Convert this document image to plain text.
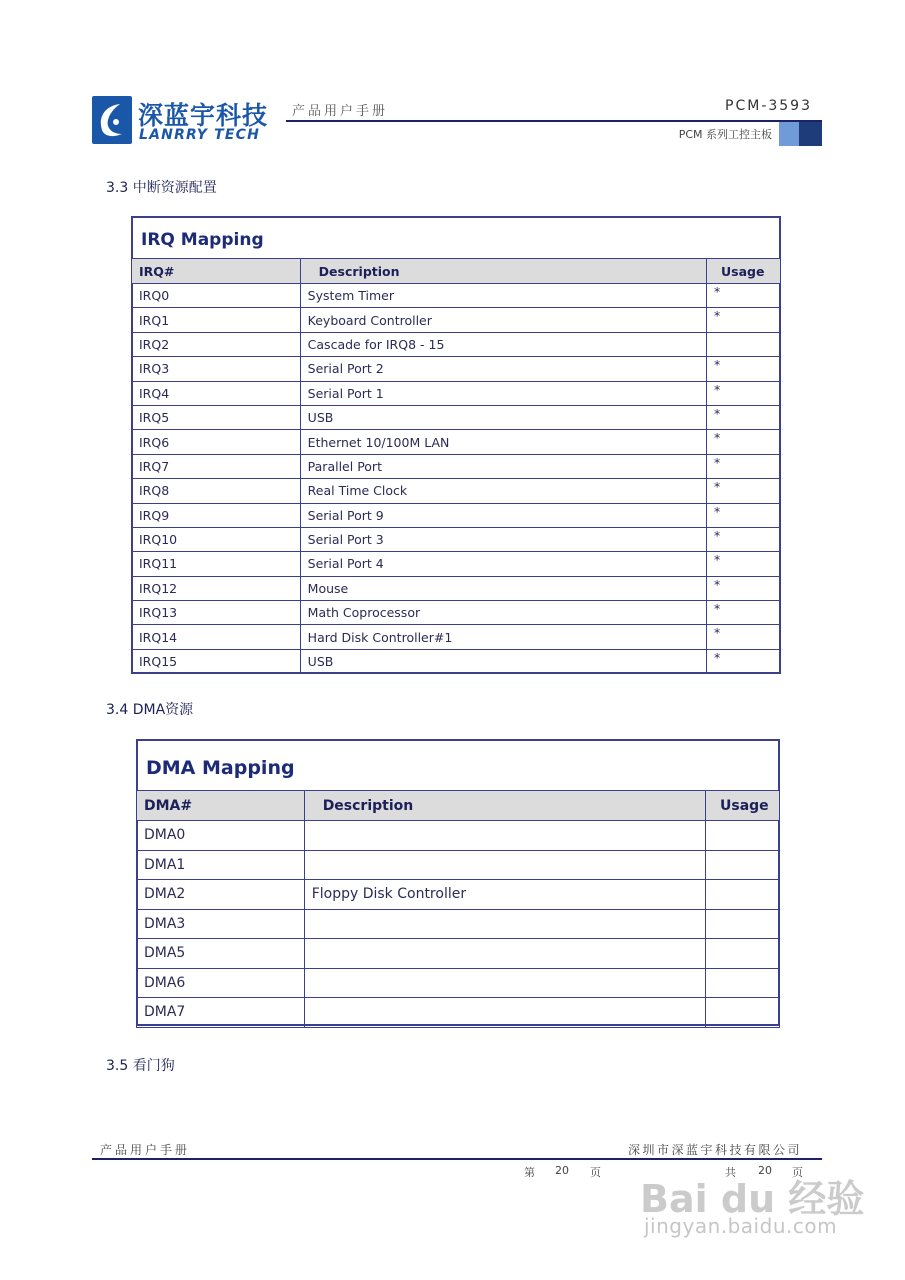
深蓝宇科技
LANRRY TECH
产品用户手册	PCM-3593
PCM 系列工控主板
3.3 中断资源配置
IRQ Mapping
IRQ#	Description	Usage
IRQ0	System Timer	*
IRQ1	Keyboard Controller	*
IRQ2	Cascade for IRQ8 - 15	
IRQ3	Serial Port 2	*
IRQ4	Serial Port 1	*
IRQ5	USB	*
IRQ6	Ethernet 10/100M LAN	*
IRQ7	Parallel Port	*
IRQ8	Real Time Clock	*
IRQ9	Serial Port 9	*
IRQ10	Serial Port 3	*
IRQ11	Serial Port 4	*
IRQ12	Mouse	*
IRQ13	Math Coprocessor	*
IRQ14	Hard Disk Controller#1	*
IRQ15	USB	*
3.4 DMA资源
DMA Mapping
DMA#	Description	Usage
DMA0		
DMA1		
DMA2	Floppy Disk Controller	
DMA3		
DMA5		
DMA6		
DMA7		
3.5 看门狗
产品用户手册	深圳市深蓝宇科技有限公司
第 20 页	共 20 页
Bai du 经验
jingyan.baidu.com
